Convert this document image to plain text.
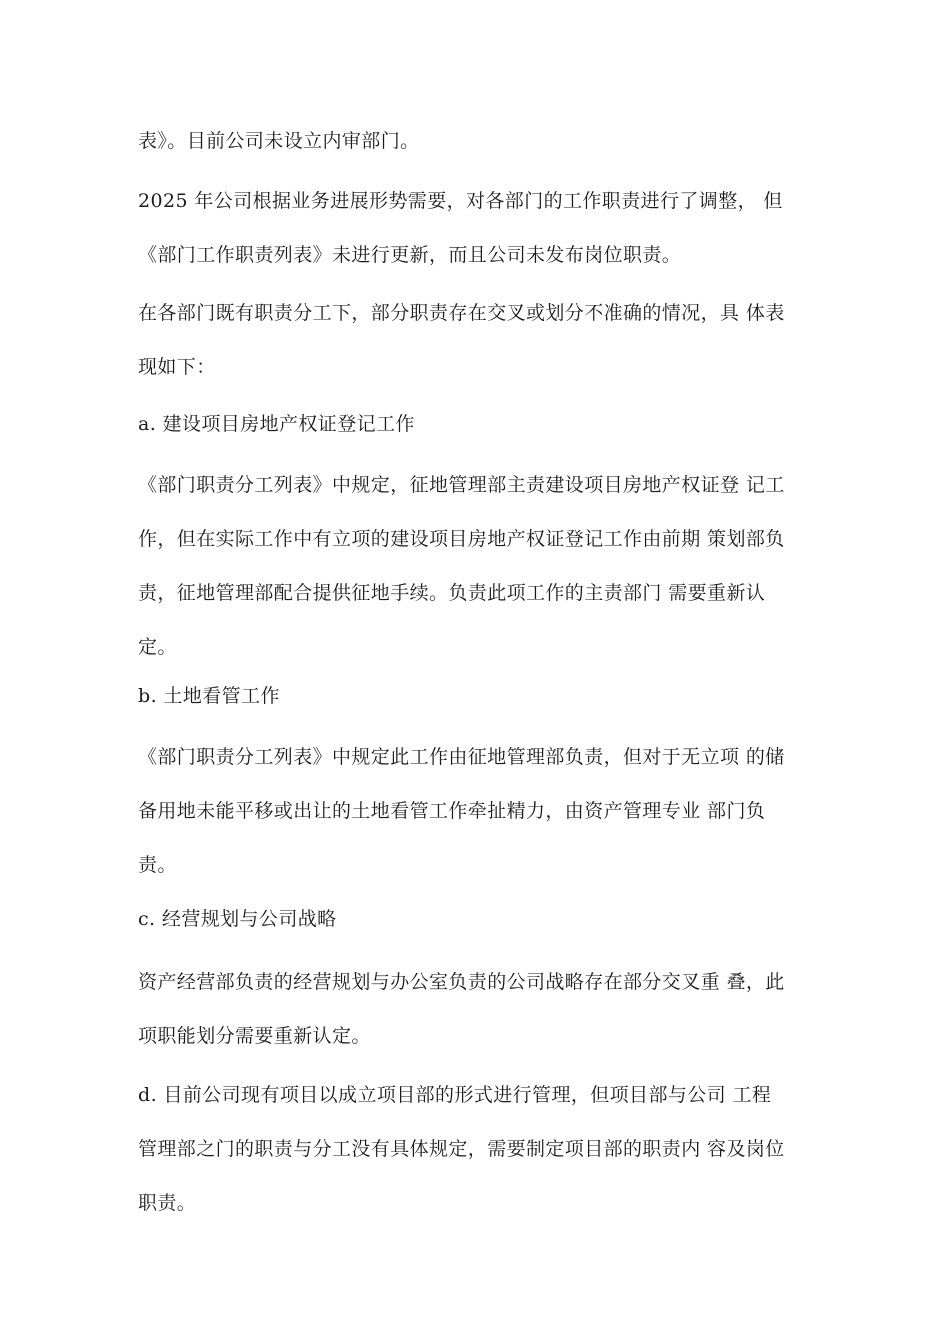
表》。目前公司未设立内审部门。

2025 年公司根据业务进展形势需要，对各部门的工作职责进行了调整， 但
《部门工作职责列表》未进行更新，而且公司未发布岗位职责。

在各部门既有职责分工下，部分职责存在交叉或划分不准确的情况，具 体表
现如下：

a. 建设项目房地产权证登记工作

《部门职责分工列表》中规定，征地管理部主责建设项目房地产权证登 记工
作，但在实际工作中有立项的建设项目房地产权证登记工作由前期 策划部负
责，征地管理部配合提供征地手续。负责此项工作的主责部门 需要重新认
定。

b. 土地看管工作

《部门职责分工列表》中规定此工作由征地管理部负责，但对于无立项 的储
备用地未能平移或出让的土地看管工作牵扯精力，由资产管理专业 部门负
责。

c. 经营规划与公司战略

资产经营部负责的经营规划与办公室负责的公司战略存在部分交叉重 叠，此
项职能划分需要重新认定。

d. 目前公司现有项目以成立项目部的形式进行管理，但项目部与公司 工程
管理部之门的职责与分工没有具体规定，需要制定项目部的职责内 容及岗位
职责。
